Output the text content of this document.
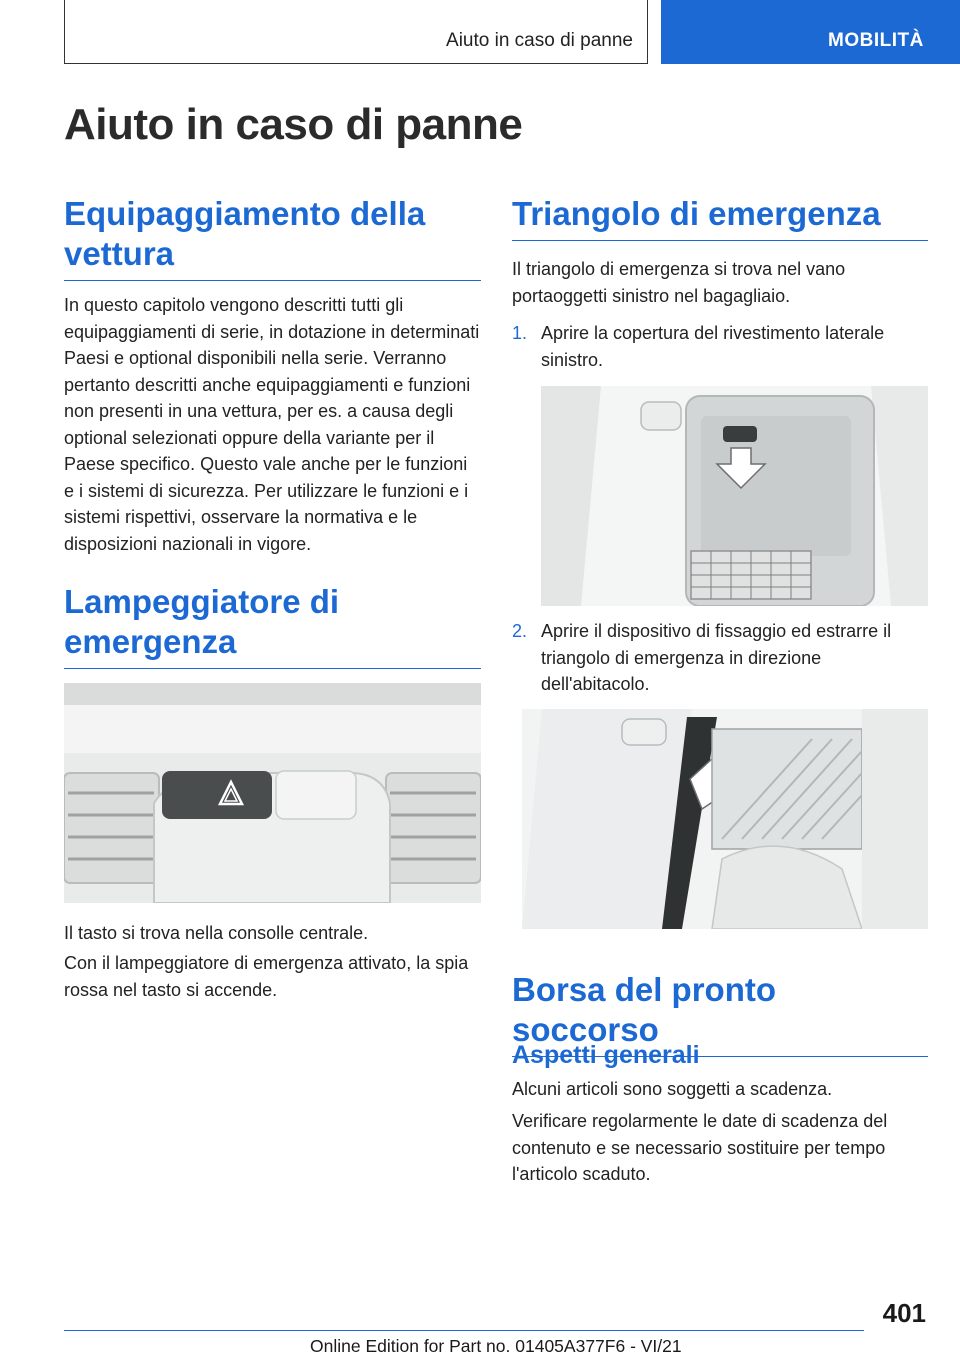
Aiuto in caso di panne	MOBILITÀ
Aiuto in caso di panne
Equipaggiamento della vettura

In questo capitolo vengono descritti tutti gli equipaggiamenti di serie, in dotazione in determinati Paesi e optional disponibili nella serie. Verranno pertanto descritti anche equipaggiamenti e funzioni non presenti in una vettura, per es. a causa degli optional selezionati oppure della variante per il Paese specifico. Questo vale anche per le funzioni e i sistemi di sicurezza. Per utilizzare le funzioni e i sistemi rispettivi, osservare la normativa e le disposizioni nazionali in vigore.

Lampeggiatore di emergenza

Il tasto si trova nella consolle centrale.

Con il lampeggiatore di emergenza attivato, la spia rossa nel tasto si accende.

Triangolo di emergenza

Il triangolo di emergenza si trova nel vano portaoggetti sinistro nel bagagliaio.

1. Aprire la copertura del rivestimento laterale sinistro.
2. Aprire il dispositivo di fissaggio ed estrarre il triangolo di emergenza in direzione dell'abitacolo.
Borsa del pronto soccorso
Aspetti generali

Alcuni articoli sono soggetti a scadenza.

Verificare regolarmente le date di scadenza del contenuto e se necessario sostituire per tempo l'articolo scaduto.

401
Online Edition for Part no. 01405A377F6 - VI/21
